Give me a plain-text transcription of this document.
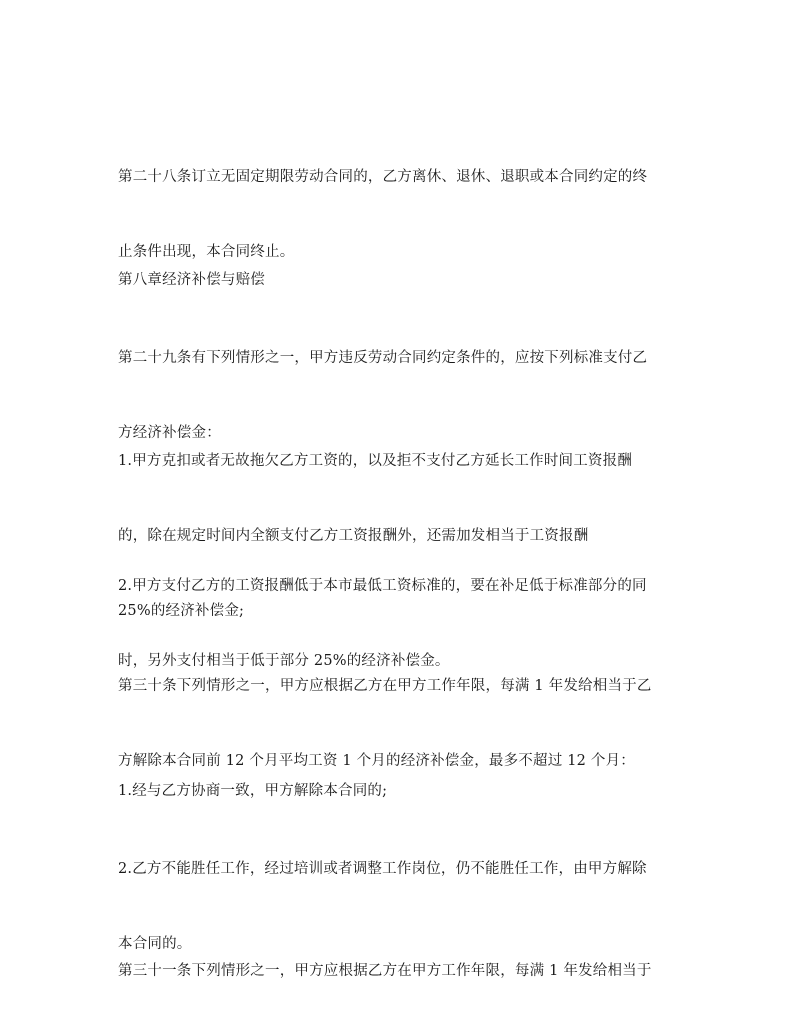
第二十八条订立无固定期限劳动合同的，乙方离休、退休、退职或本合同约定的终

止条件出现，本合同终止。

第八章经济补偿与赔偿

第二十九条有下列情形之一，甲方违反劳动合同约定条件的，应按下列标准支付乙

方经济补偿金：

1.甲方克扣或者无故拖欠乙方工资的，以及拒不支付乙方延长工作时间工资报酬

的，除在规定时间内全额支付乙方工资报酬外，还需加发相当于工资报酬

25%的经济补偿金;

2.甲方支付乙方的工资报酬低于本市最低工资标准的，要在补足低于标准部分的同

时，另外支付相当于低于部分 25%的经济补偿金。

第三十条下列情形之一，甲方应根据乙方在甲方工作年限，每满 1 年发给相当于乙

方解除本合同前 12 个月平均工资 1 个月的经济补偿金，最多不超过 12 个月：

1.经与乙方协商一致，甲方解除本合同的;

2.乙方不能胜任工作，经过培训或者调整工作岗位，仍不能胜任工作，由甲方解除

本合同的。

第三十一条下列情形之一，甲方应根据乙方在甲方工作年限，每满 1 年发给相当于
